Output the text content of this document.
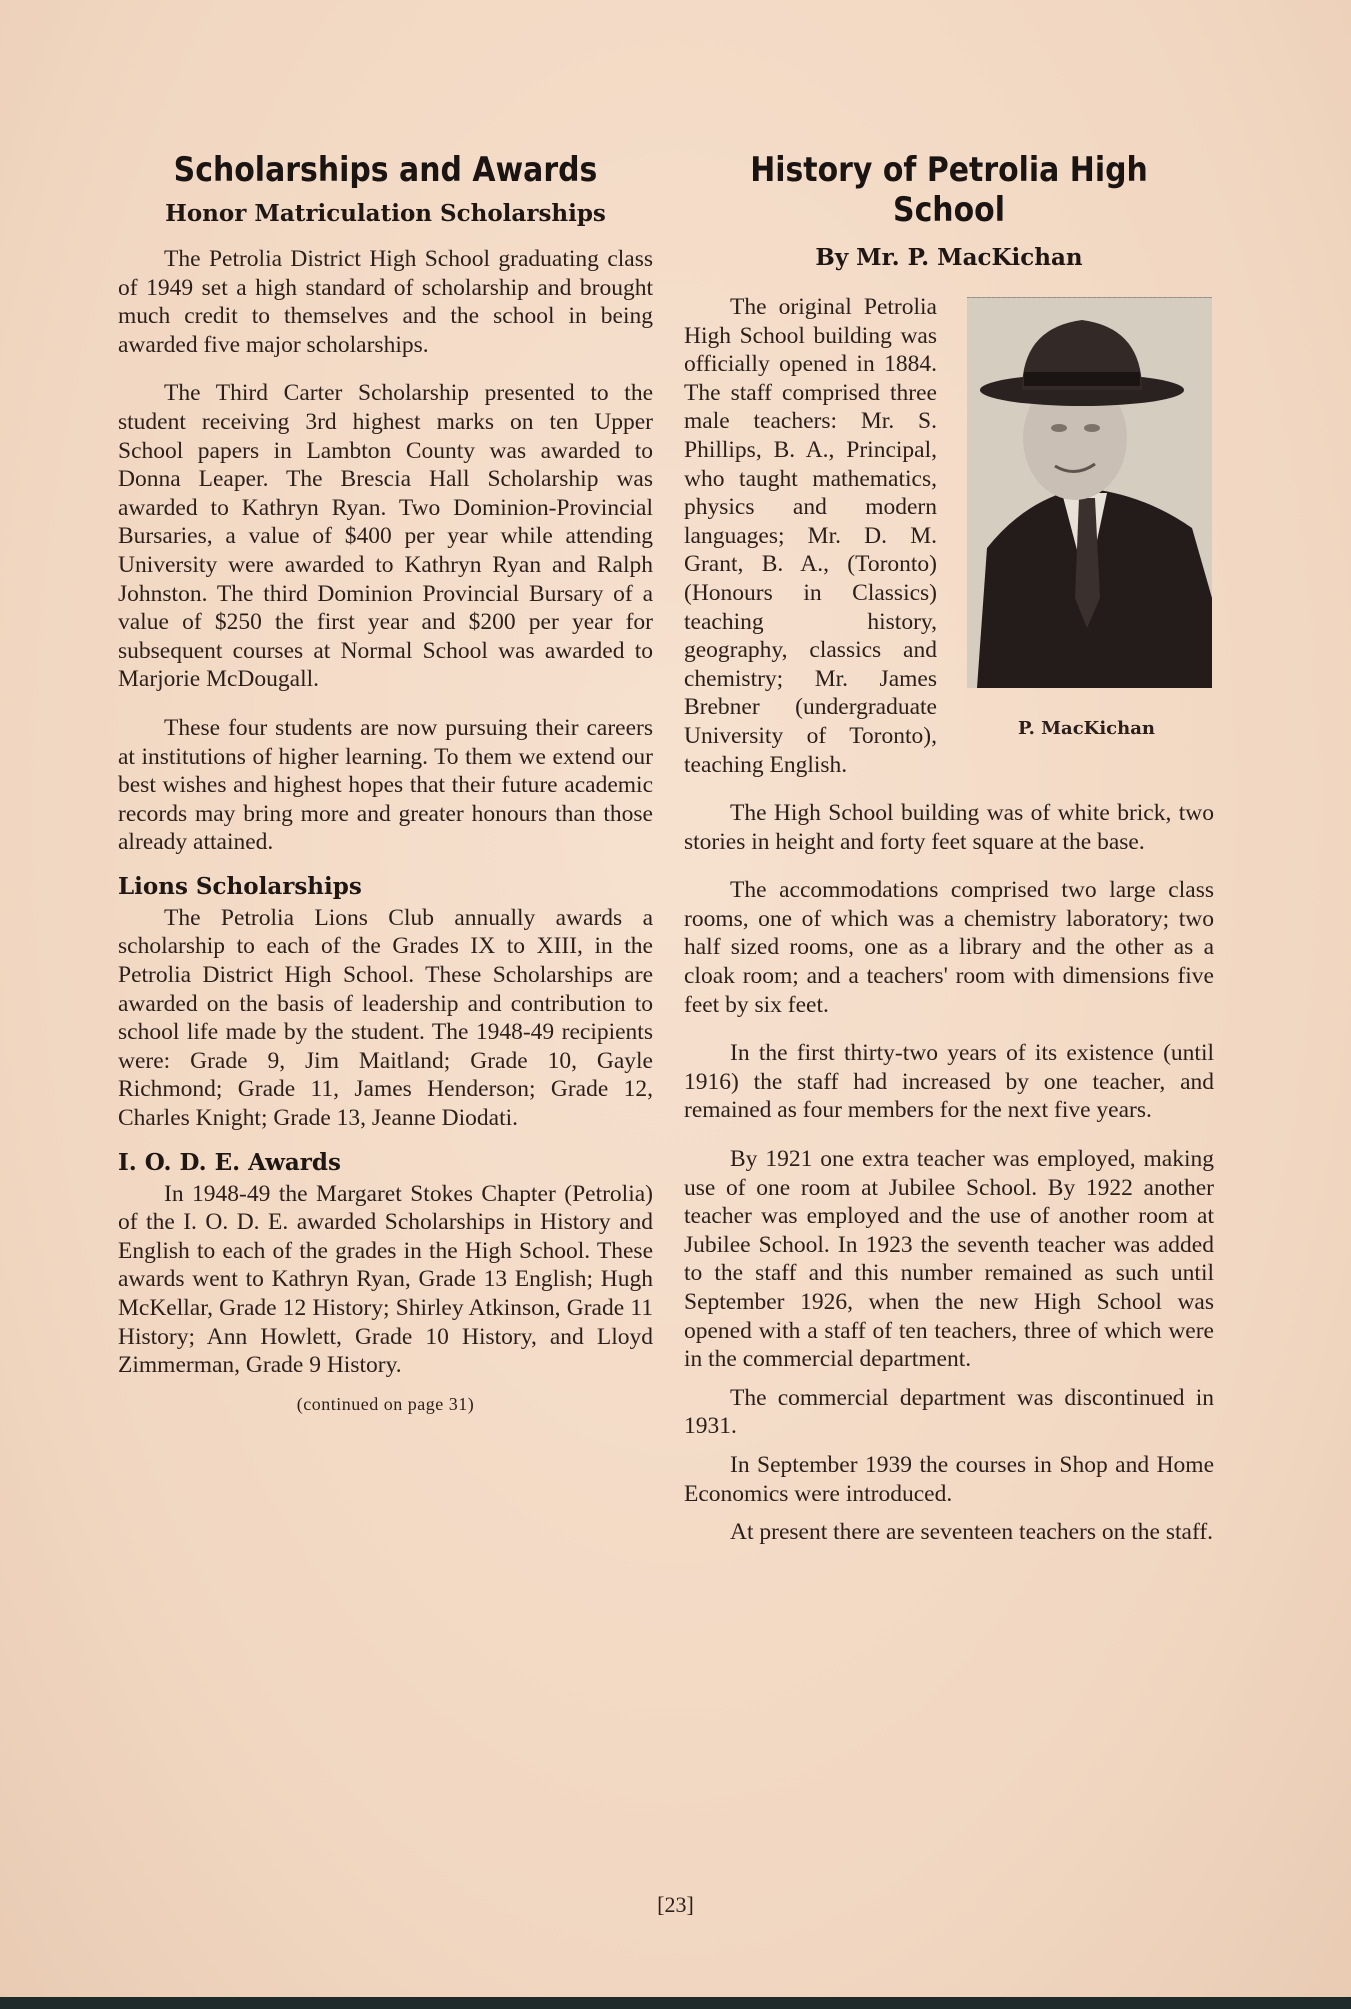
Scholarships and Awards
Honor Matriculation Scholarships

The Petrolia District High School graduating class of 1949 set a high standard of scholarship and brought much credit to themselves and the school in being awarded five major scholarships.

The Third Carter Scholarship presented to the student receiving 3rd highest marks on ten Upper School papers in Lambton County was awarded to Donna Leaper. The Brescia Hall Scholarship was awarded to Kathryn Ryan. Two Dominion-Provincial Bursaries, a value of $400 per year while attending University were awarded to Kathryn Ryan and Ralph Johnston. The third Dominion Provincial Bursary of a value of $250 the first year and $200 per year for subsequent courses at Normal School was awarded to Marjorie McDougall.

These four students are now pursuing their careers at institutions of higher learning. To them we extend our best wishes and highest hopes that their future academic records may bring more and greater honours than those already attained.

Lions Scholarships

The Petrolia Lions Club annually awards a scholarship to each of the Grades IX to XIII, in the Petrolia District High School. These Scholarships are awarded on the basis of leadership and contribution to school life made by the student. The 1948-49 recipients were: Grade 9, Jim Maitland; Grade 10, Gayle Richmond; Grade 11, James Henderson; Grade 12, Charles Knight; Grade 13, Jeanne Diodati.

I. O. D. E. Awards

In 1948-49 the Margaret Stokes Chapter (Petrolia) of the I. O. D. E. awarded Scholarships in History and English to each of the grades in the High School. These awards went to Kathryn Ryan, Grade 13 English; Hugh McKellar, Grade 12 History; Shirley Atkinson, Grade 11 History; Ann Howlett, Grade 10 History, and Lloyd Zimmerman, Grade 9 History.

(continued on page 31)
History of Petrolia High School
By Mr. P. MacKichan
P. MacKichan

The original Petrolia High School building was officially opened in 1884. The staff comprised three male teachers: Mr. S. Phillips, B. A., Principal, who taught mathematics, physics and modern languages; Mr. D. M. Grant, B. A., (Toronto) (Honours in Classics) teaching history, geography, classics and chemistry; Mr. James Brebner (undergraduate University of Toronto), teaching English.

The High School building was of white brick, two stories in height and forty feet square at the base.

The accommodations comprised two large class rooms, one of which was a chemistry laboratory; two half sized rooms, one as a library and the other as a cloak room; and a teachers' room with dimensions five feet by six feet.

In the first thirty-two years of its existence (until 1916) the staff had increased by one teacher, and remained as four members for the next five years.

By 1921 one extra teacher was employed, making use of one room at Jubilee School. By 1922 another teacher was employed and the use of another room at Jubilee School. In 1923 the seventh teacher was added to the staff and this number remained as such until September 1926, when the new High School was opened with a staff of ten teachers, three of which were in the commercial department.

The commercial department was discontinued in 1931.

In September 1939 the courses in Shop and Home Economics were introduced.

At present there are seventeen teachers on the staff.

[23]
